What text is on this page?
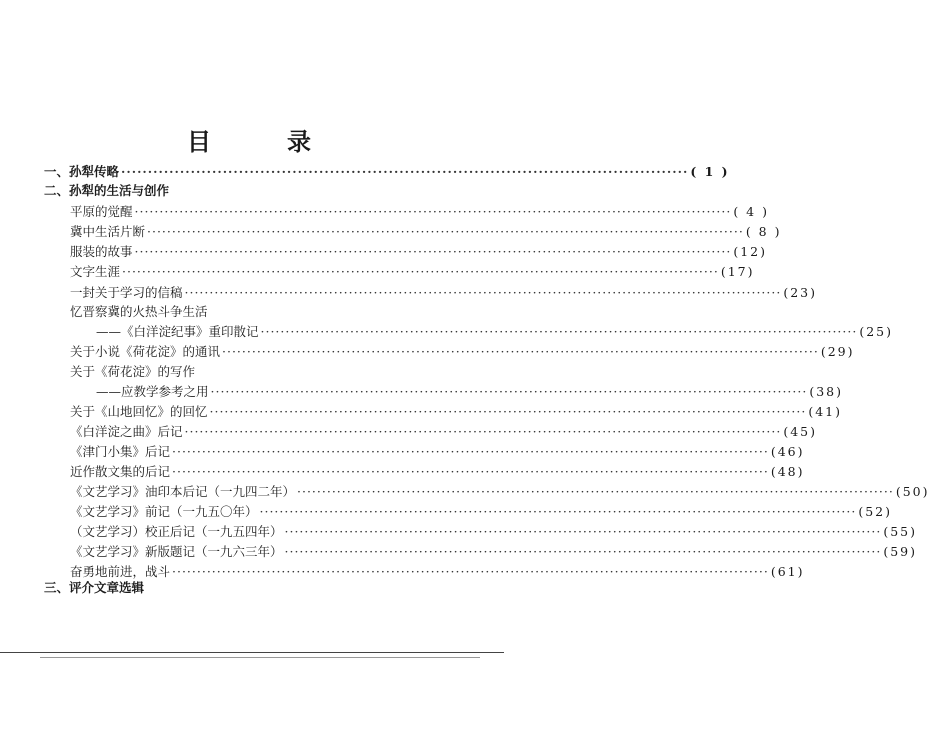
目　录
一、孙犁传略 ·········································································································· ( 1 )
二、孙犁的生活与创作
平原的觉醒 ························································································································ ( 4 )
冀中生活片断 ························································································································ ( 8 )
服装的故事 ························································································································ (12)
文字生涯 ························································································································ (17)
一封关于学习的信稿 ························································································································ (23)
忆晋察冀的火热斗争生活
——《白洋淀纪事》重印散记 ························································································································ (25)
关于小说《荷花淀》的通讯 ························································································································ (29)
关于《荷花淀》的写作
——应教学参考之用 ························································································································ (38)
关于《山地回忆》的回忆 ························································································································ (41)
《白洋淀之曲》后记 ························································································································ (45)
《津门小集》后记 ························································································································ (46)
近作散文集的后记 ························································································································ (48)
《文艺学习》油印本后记（一九四二年） ························································································································ (50)
《文艺学习》前记（一九五〇年） ························································································································ (52)
（文艺学习）校正后记（一九五四年） ························································································································ (55)
《文艺学习》新版题记（一九六三年） ························································································································ (59)
奋勇地前进，战斗 ························································································································ (61)
三、评介文章选辑
